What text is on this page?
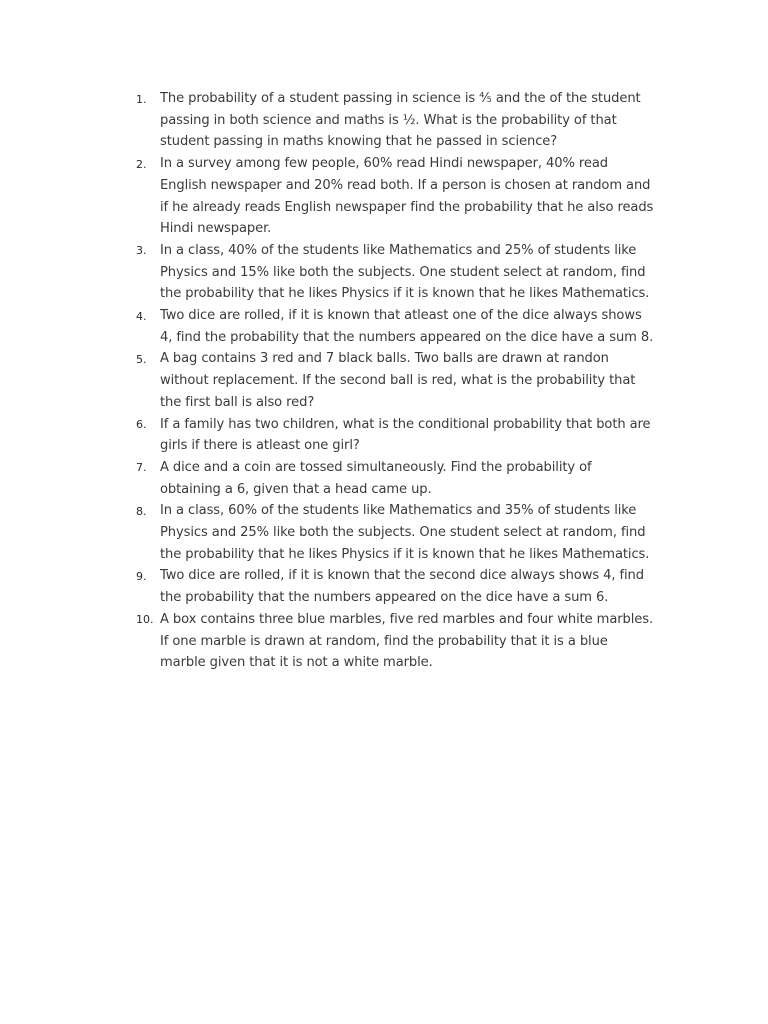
1.	The probability of a student passing in science is ⅘ and the of the student passing in both science and maths is ½. What is the probability of that student passing in maths knowing that he passed in science?
2.	In a survey among few people, 60% read Hindi newspaper, 40% read English newspaper and 20% read both. If a person is chosen at random and if he already reads English newspaper find the probability that he also reads Hindi newspaper.
3.	In a class, 40% of the students like Mathematics and 25% of students like Physics and 15% like both the subjects. One student select at random, find the probability that he likes Physics if it is known that he likes Mathematics.
4.	Two dice are rolled, if it is known that atleast one of the dice always shows 4, find the probability that the numbers appeared on the dice have a sum 8.
5.	A bag contains 3 red and 7 black balls. Two balls are drawn at randon without replacement. If the second ball is red, what is the probability that the first ball is also red?
6.	If a family has two children, what is the conditional probability that both are girls if there is atleast one girl?
7.	A dice and a coin are tossed simultaneously. Find the probability of obtaining a 6, given that a head came up.
8.	In a class, 60% of the students like Mathematics and 35% of students like Physics and 25% like both the subjects. One student select at random, find the probability that he likes Physics if it is known that he likes Mathematics.
9.	Two dice are rolled, if it is known that the second dice always shows 4, find the probability that the numbers appeared on the dice have a sum 6.
10. A box contains three blue marbles, five red marbles and four white marbles. If one marble is drawn at random, find the probability that it is a blue marble given that it is not a white marble.
